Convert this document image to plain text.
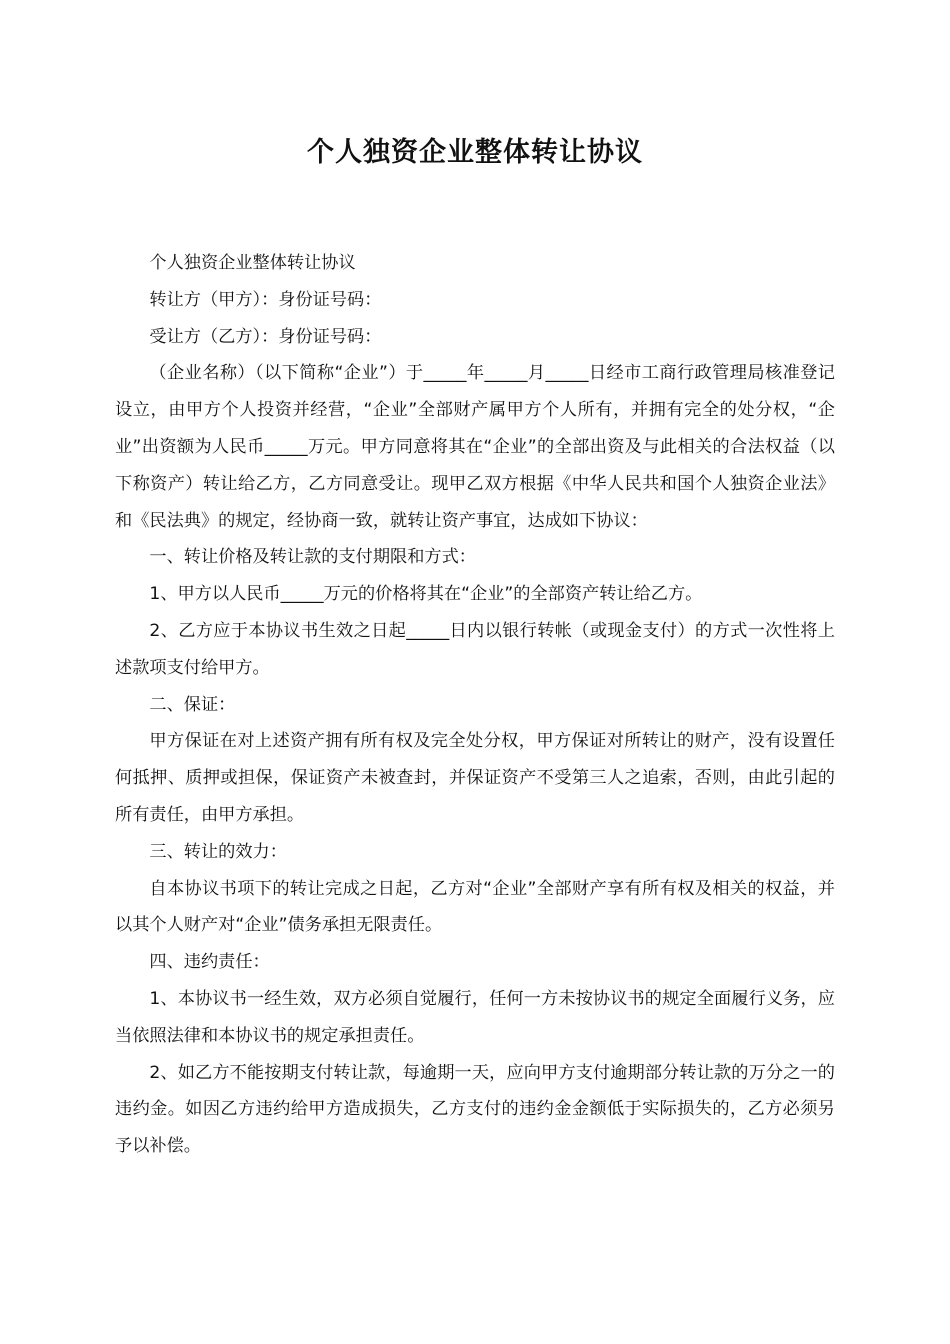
个人独资企业整体转让协议

个人独资企业整体转让协议

转让方（甲方）：身份证号码：

受让方（乙方）：身份证号码：

（企业名称）（以下简称“企业”）于_____年_____月_____日经市工商行政管理局核准登记设立，由甲方个人投资并经营，“企业”全部财产属甲方个人所有，并拥有完全的处分权，“企业”出资额为人民币_____万元。甲方同意将其在“企业”的全部出资及与此相关的合法权益（以下称资产）转让给乙方，乙方同意受让。现甲乙双方根据《中华人民共和国个人独资企业法》和《民法典》的规定，经协商一致，就转让资产事宜，达成如下协议：

一、转让价格及转让款的支付期限和方式：

1、甲方以人民币_____万元的价格将其在“企业”的全部资产转让给乙方。

2、乙方应于本协议书生效之日起_____日内以银行转帐（或现金支付）的方式一次性将上述款项支付给甲方。

二、保证：

甲方保证在对上述资产拥有所有权及完全处分权，甲方保证对所转让的财产，没有设置任何抵押、质押或担保，保证资产未被查封，并保证资产不受第三人之追索，否则，由此引起的所有责任，由甲方承担。

三、转让的效力：

自本协议书项下的转让完成之日起，乙方对“企业”全部财产享有所有权及相关的权益，并以其个人财产对“企业”债务承担无限责任。

四、违约责任：

1、本协议书一经生效，双方必须自觉履行，任何一方未按协议书的规定全面履行义务，应当依照法律和本协议书的规定承担责任。

2、如乙方不能按期支付转让款，每逾期一天，应向甲方支付逾期部分转让款的万分之一的违约金。如因乙方违约给甲方造成损失，乙方支付的违约金金额低于实际损失的，乙方必须另予以补偿。
